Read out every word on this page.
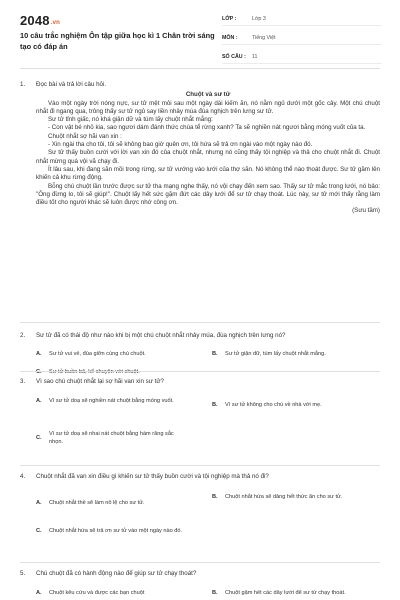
2048.vn
10 câu trắc nghiệm Ôn tập giữa học kì 1 Chân trời sáng tạo có đáp án
LỚP :	Lớp 3
MÔN :	Tiếng Việt
SỐ CÂU :	11
1.	Đọc bài và trả lời câu hỏi.
Chuột và sư tử

Vào một ngày trời nóng nực, sư tử mệt mỏi sau một ngày dài kiếm ăn, nó nằm ngủ dưới một gốc cây. Một chú chuột nhắt đi ngang qua, trông thấy sư tử ngủ say liền nhảy múa đùa nghịch trên lưng sư tử.

Sư tử tỉnh giấc, nó khá giận dữ và túm lấy chuột nhắt mắng:

- Con vật bé nhỏ kia, sao ngươi dám đánh thức chúa tể rừng xanh? Ta sẽ nghiền nát ngươi bằng móng vuốt của ta.

Chuột nhắt sợ hãi van xin :

- Xin ngài tha cho tôi, tôi sẽ không bao giờ quên ơn, tôi hứa sẽ trả ơn ngài vào một ngày nào đó.

Sư tử thấy buồn cười với lời van xin đó của chuột nhắt, nhưng nó cũng thấy tội nghiệp và thả cho chuột nhắt đi. Chuột nhắt mừng quá vội vã chạy đi.

Ít lâu sau, khi đang săn mồi trong rừng, sư tử vướng vào lưới của thợ săn. Nó không thể nào thoát được. Sư tử gầm lên khiến cả khu rừng động.

Bỗng chú chuột lần trước được sư tử tha mạng nghe thấy, nó vội chạy đến xem sao. Thấy sư tử mắc trong lưới, nó bảo: "Ông đừng lo, tôi sẽ giúp!". Chuột lấy hết sức gặm đứt các dây lưới để sư tử chạy thoát. Lúc này, sư tử mới thấy rằng làm điều tốt cho người khác sẽ luôn được nhớ công ơn.

(Sưu tầm)
2.	Sư tử đã có thái độ như nào khi bị một chú chuột nhắt nhảy múa, đùa nghịch trên lưng nó?
A.	Sư tử vui vẻ, đùa giỡn cùng chú chuột.	B.	Sư tử giận dữ, túm lấy chuột nhắt mắng.
C.	Sư tử buồn bã, kể chuyện với chuột.
3.	Vì sao chú chuột nhắt lại sợ hãi van xin sư tử?
A.	Vì sư tử doạ sẽ nghiền nát chuột bằng móng vuốt.
B.	Vì sư tử không cho chú về nhà với mẹ.
C.
Vì sư tử doạ sẽ nhai nát chuột bằng hàm răng sắc nhọn.
4.	Chuột nhắt đã van xin điều gì khiến sư tử thấy buồn cười và tội nghiệp mà thả nó đi?
A.	Chuột nhắt thề sẽ làm nô lệ cho sư tử.
B.	Chuột nhắt hứa sẽ dâng hết thức ăn cho sư tử.
C.	Chuột nhắt hứa sẽ trả ơn sư tử vào một ngày nào đó.
5.	Chú chuột đã có hành động nào để giúp sư tử chạy thoát?
A.	Chuột kêu cứu và được các bạn chuột	B.	Chuột gặm hết các dây lưới để sư tử chạy thoát.
